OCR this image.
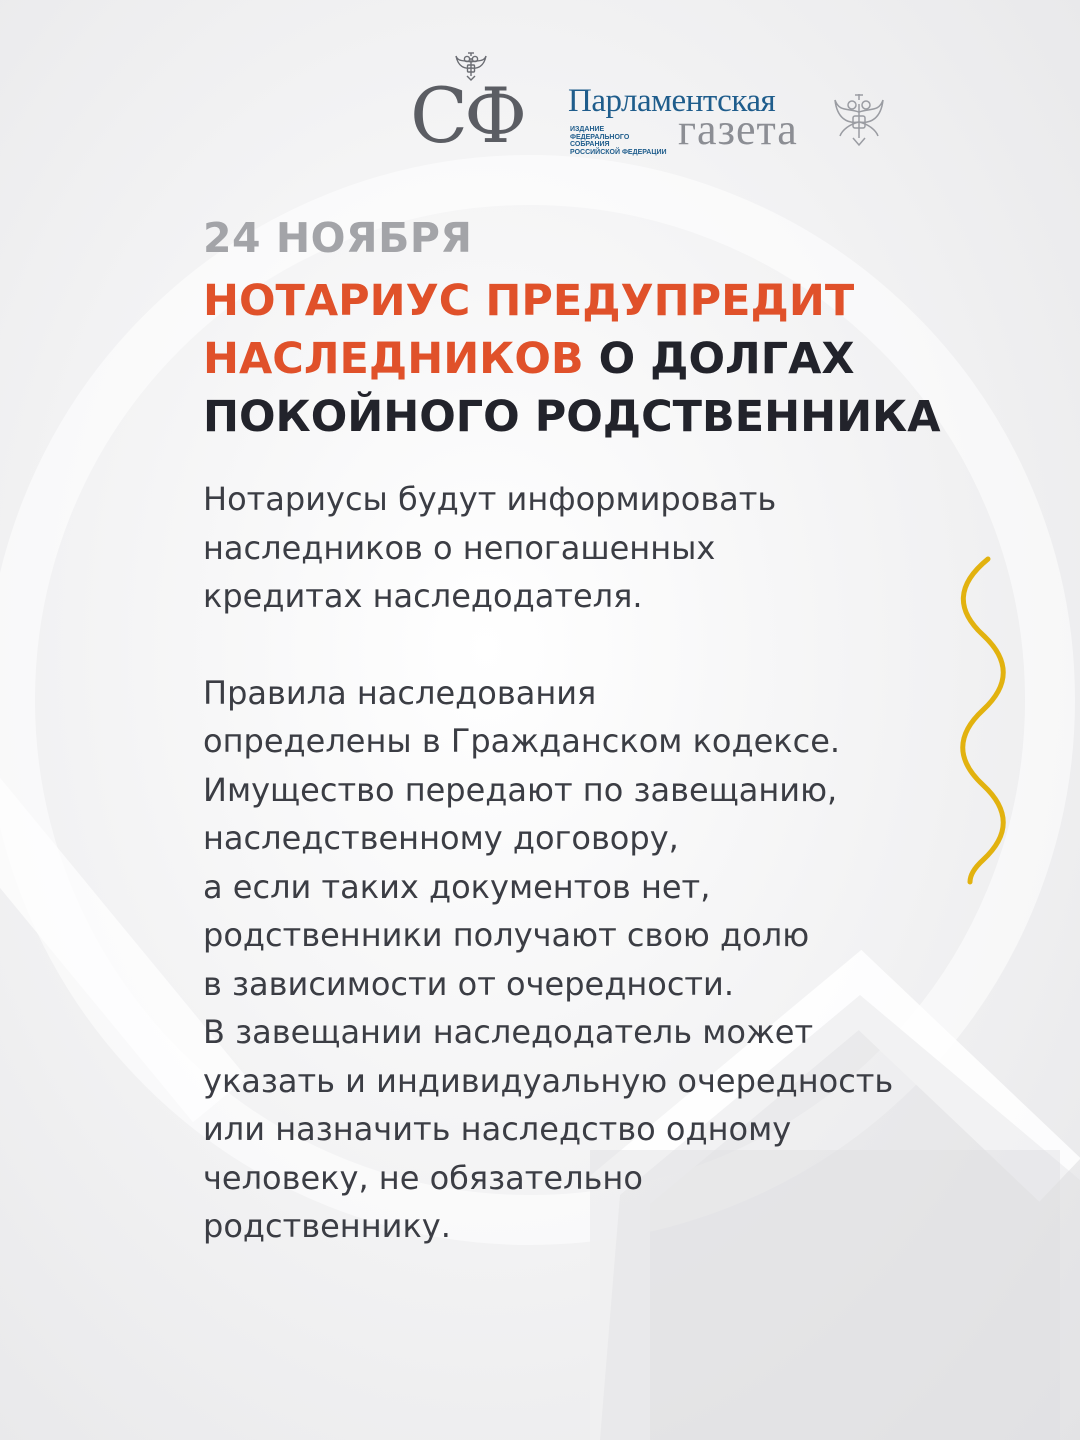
СФ	Парламентская
ИЗДАНИЕ
ФЕДЕРАЛЬНОГО СОБРАНИЯ
РОССИЙСКОЙ ФЕДЕРАЦИИ газета
24 НОЯБРЯ
НОТАРИУС ПРЕДУПРЕДИТ
НАСЛЕДНИКОВ О ДОЛГАХ
ПОКОЙНОГО РОДСТВЕННИКА
Нотариусы будут информировать
наследников о непогашенных
кредитах наследодателя.
Правила наследования
определены в Гражданском кодексе.
Имущество передают по завещанию,
наследственному договору,
а если таких документов нет,
родственники получают свою долю
в зависимости от очередности.
В завещании наследодатель может
указать и индивидуальную очередность
или назначить наследство одному
человеку, не обязательно
родственнику.
